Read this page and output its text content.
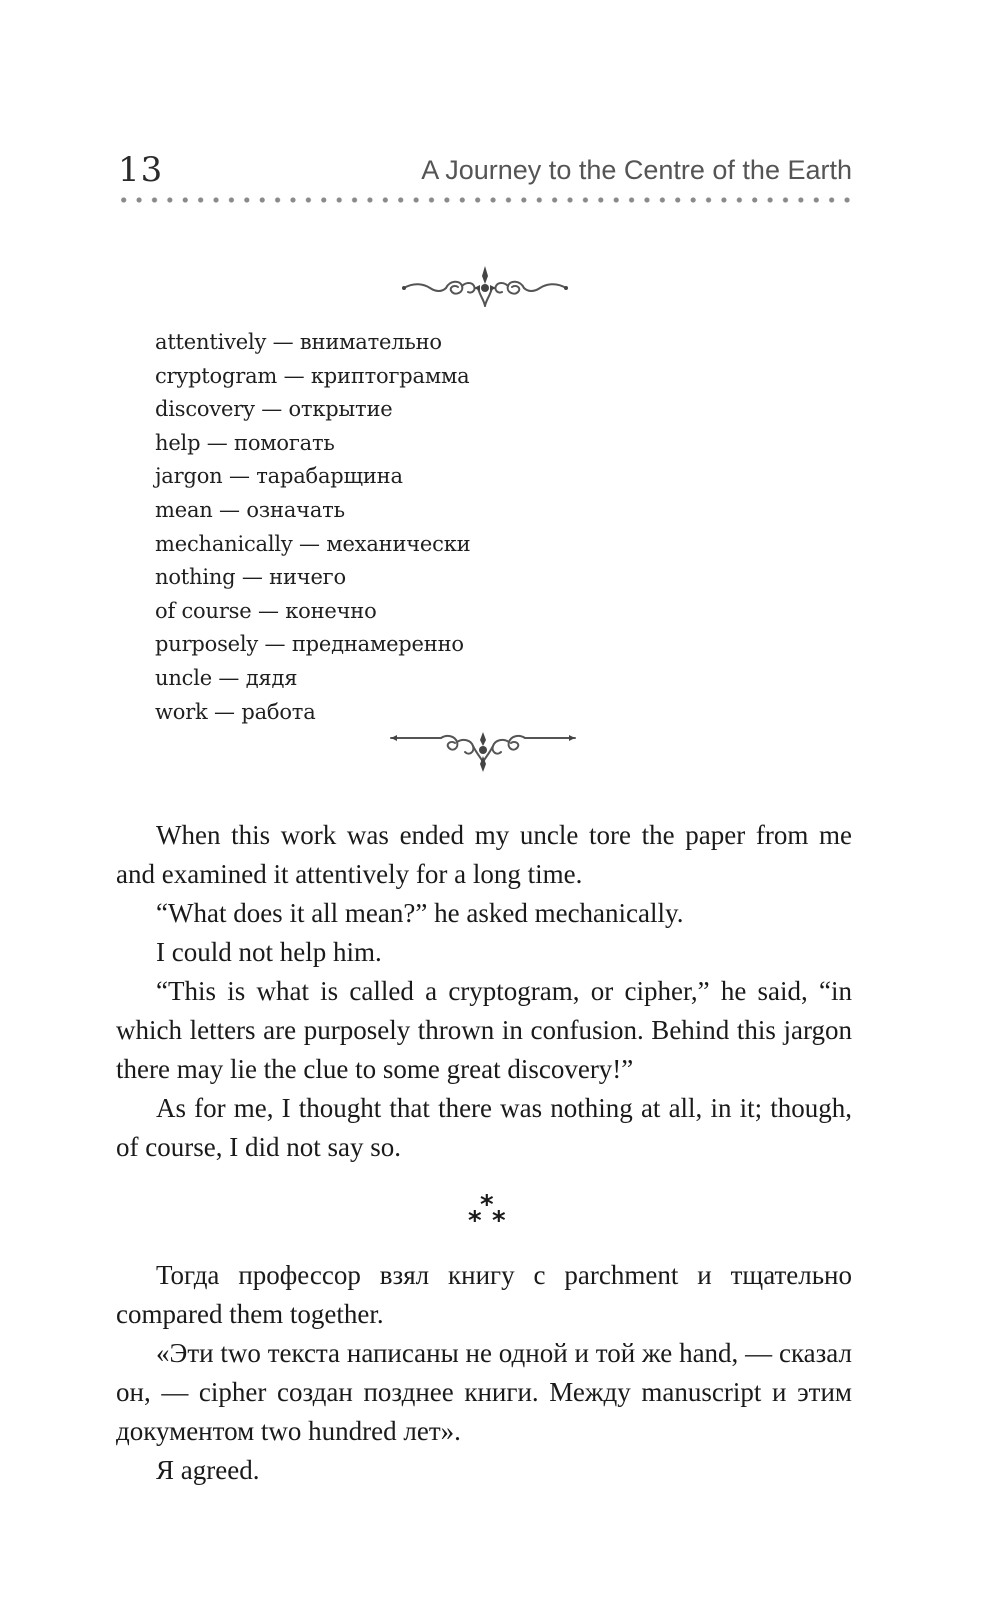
13	A Journey to the Centre of the Earth
attentively — внимательно
cryptogram — криптограмма
discovery — открытие
help — помогать
jargon — тарабарщина
mean — означать
mechanically — механически
nothing — ничего
of course — конечно
purposely — преднамеренно
uncle — дядя
work — работа

When this work was ended my uncle tore the paper from me and examined it attentively for a long time.

“What does it all mean?” he asked mechanically.

I could not help him.

“This is what is called a cryptogram, or cipher,” he said, “in which letters are purposely thrown in confusion. Behind this jargon there may lie the clue to some great discovery!”

As for me, I thought that there was nothing at all, in it; though, of course, I did not say so.

*
* *

Тогда профессор взял книгу с parchment и тщательно compared them together.

«Эти two текста написаны не одной и той же hand, — сказал он, — cipher создан позднее книги. Между manuscript и этим документом two hundred лет».

Я agreed.
